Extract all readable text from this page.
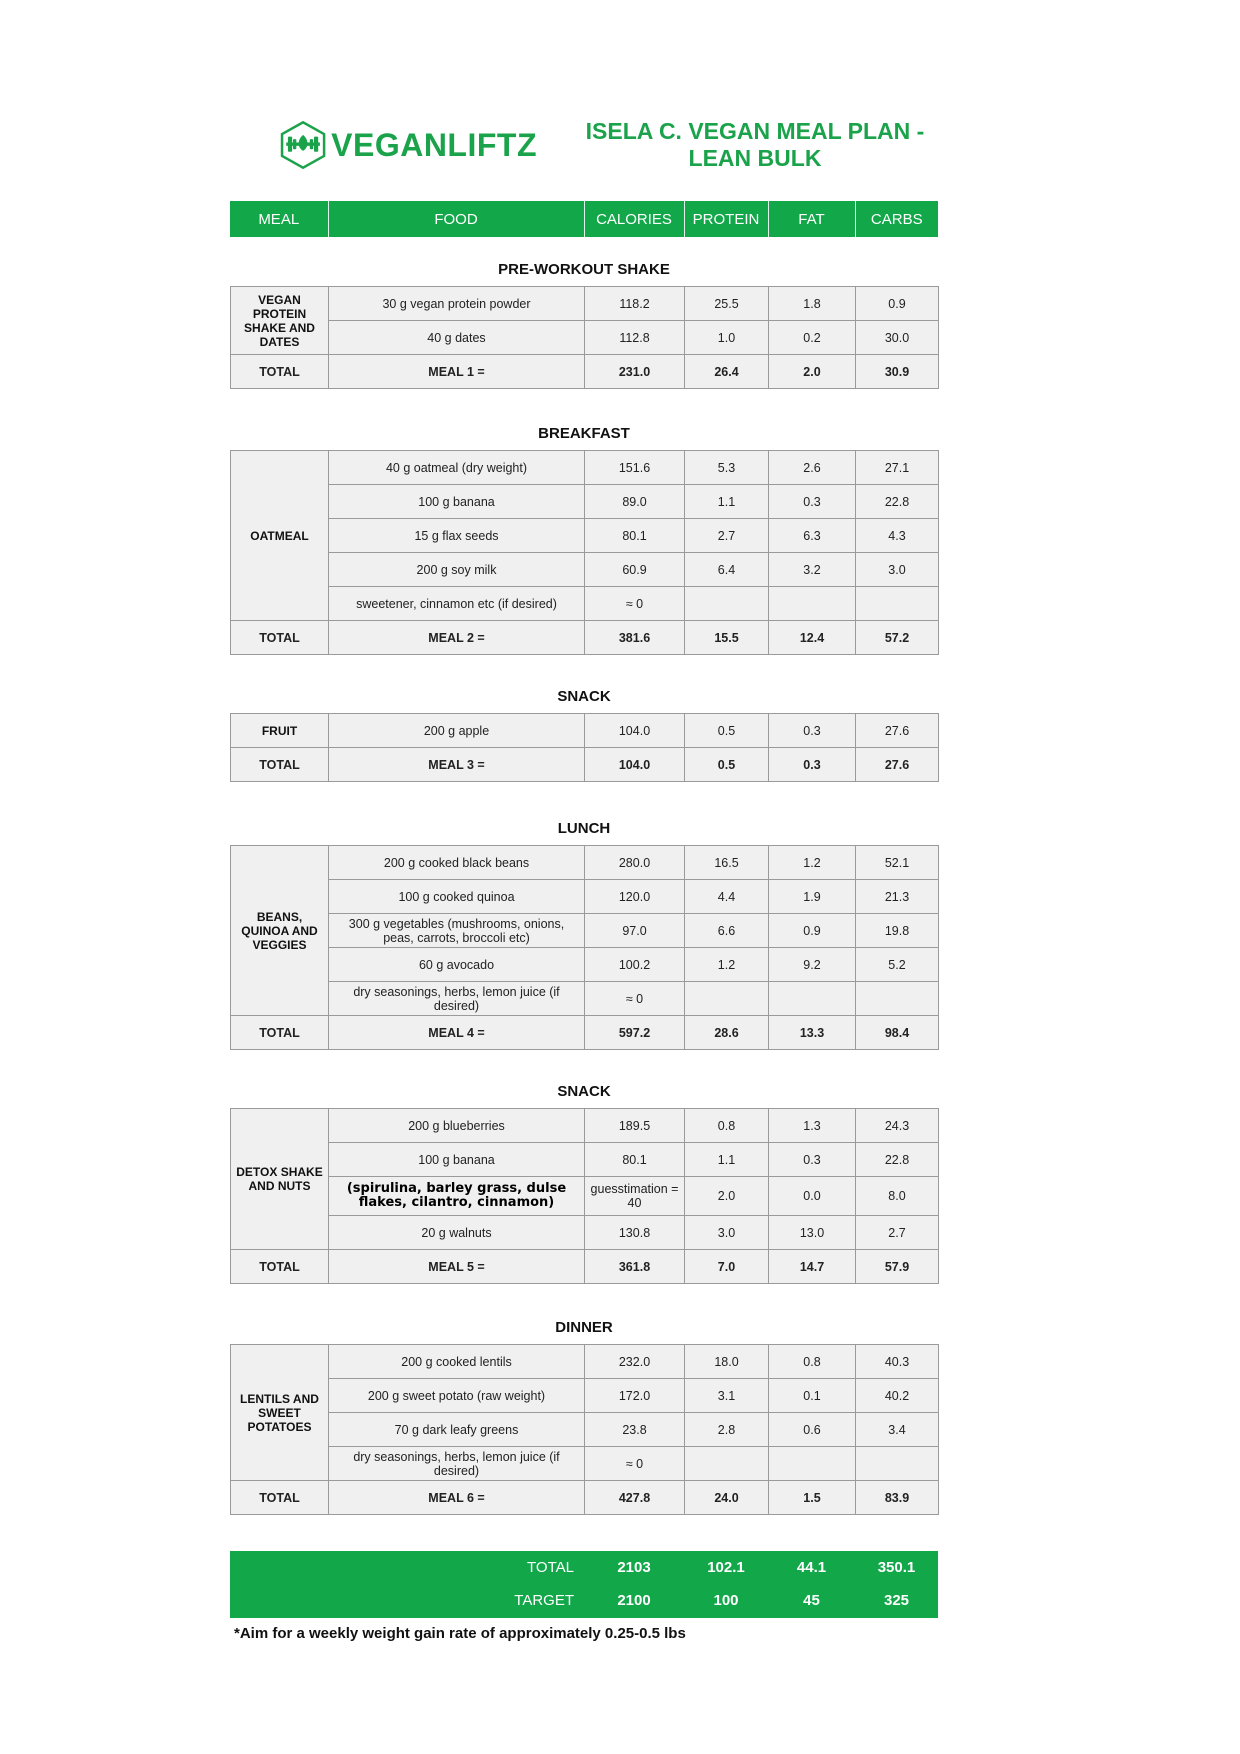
VEGANLIFTZ ISELA C. VEGAN MEAL PLAN -
LEAN BULK
MEAL	FOOD	CALORIES	PROTEIN	FAT	CARBS
PRE-WORKOUT SHAKE
VEGAN PROTEIN SHAKE AND DATES	30 g vegan protein powder	118.2	25.5	1.8	0.9
	40 g dates	112.8	1.0	0.2	30.0
TOTAL	MEAL 1 =	231.0	26.4	2.0	30.9
BREAKFAST
OATMEAL	40 g oatmeal (dry weight)	151.6	5.3	2.6	27.1
	100 g banana	89.0	1.1	0.3	22.8
	15 g flax seeds	80.1	2.7	6.3	4.3
	200 g soy milk	60.9	6.4	3.2	3.0
	sweetener, cinnamon etc (if desired)	≈ 0			
TOTAL	MEAL 2 =	381.6	15.5	12.4	57.2
SNACK
FRUIT	200 g apple	104.0	0.5	0.3	27.6
TOTAL	MEAL 3 =	104.0	0.5	0.3	27.6
LUNCH
BEANS, QUINOA AND VEGGIES	200 g cooked black beans	280.0	16.5	1.2	52.1
	100 g cooked quinoa	120.0	4.4	1.9	21.3
	300 g vegetables (mushrooms, onions, peas, carrots, broccoli etc)	97.0	6.6	0.9	19.8
	60 g avocado	100.2	1.2	9.2	5.2
	dry seasonings, herbs, lemon juice (if desired)	≈ 0			
TOTAL	MEAL 4 =	597.2	28.6	13.3	98.4
SNACK
DETOX SHAKE AND NUTS	200 g blueberries	189.5	0.8	1.3	24.3
	100 g banana	80.1	1.1	0.3	22.8
	(spirulina, barley grass, dulse flakes, cilantro, cinnamon)	guesstimation = 40	2.0	0.0	8.0
	20 g walnuts	130.8	3.0	13.0	2.7
TOTAL	MEAL 5 =	361.8	7.0	14.7	57.9
DINNER
LENTILS AND SWEET POTATOES	200 g cooked lentils	232.0	18.0	0.8	40.3
	200 g sweet potato (raw weight)	172.0	3.1	0.1	40.2
	70 g dark leafy greens	23.8	2.8	0.6	3.4
	dry seasonings, herbs, lemon juice (if desired)	≈ 0			
TOTAL	MEAL 6 =	427.8	24.0	1.5	83.9
TOTAL	2103	102.1	44.1	350.1
TARGET	2100	100	45	325
*Aim for a weekly weight gain rate of approximately 0.25-0.5 lbs
